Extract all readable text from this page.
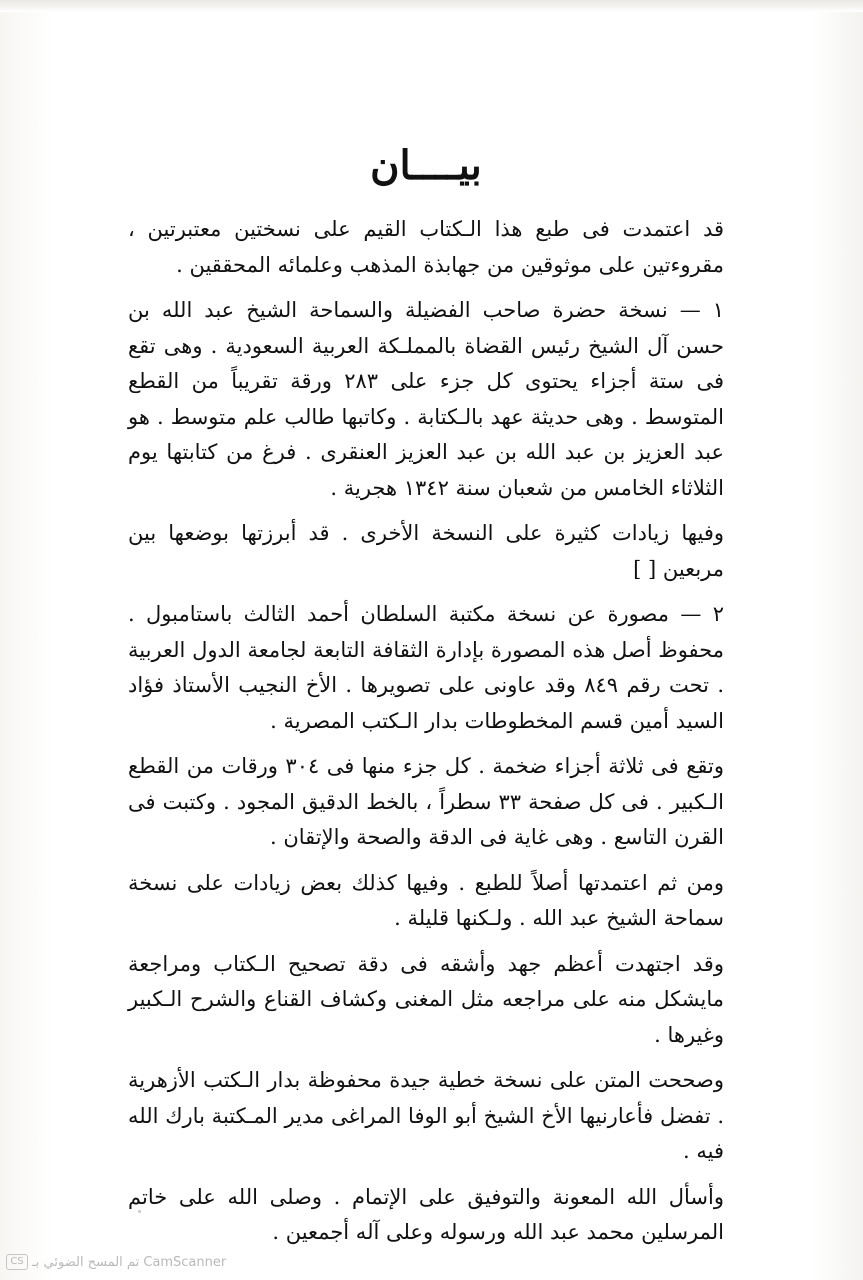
بيــــان

قد اعتمدت فى طبع هذا الـكتاب القيم على نسختين معتبرتين ، مقروءتين على موثوقين من جهابذة المذهب وعلمائه المحققين .

١ — نسخة حضرة صاحب الفضيلة والسماحة الشيخ عبد الله بن حسن آل الشيخ رئيس القضاة بالمملـكة العربية السعودية . وهى تقع فى ستة أجزاء يحتوى كل جزء على ٢٨٣ ورقة تقريباً من القطع المتوسط . وهى حديثة عهد بالـكتابة . وكاتبها طالب علم متوسط . هو عبد العزيز بن عبد الله بن عبد العزيز العنقرى . فرغ من كتابتها يوم الثلاثاء الخامس من شعبان سنة ١٣٤٢ هجرية .

وفيها زيادات كثيرة على النسخة الأخرى . قد أبرزتها بوضعها بين مربعين [ ]

٢ — مصورة عن نسخة مكتبة السلطان أحمد الثالث باستامبول . محفوظ أصل هذه المصورة بإدارة الثقافة التابعة لجامعة الدول العربية . تحت رقم ٨٤٩ وقد عاونى على تصويرها . الأخ النجيب الأستاذ فؤاد السيد أمين قسم المخطوطات بدار الـكتب المصرية .

وتقع فى ثلاثة أجزاء ضخمة . كل جزء منها فى ٣٠٤ ورقات من القطع الـكبير . فى كل صفحة ٣٣ سطراً ، بالخط الدقيق المجود . وكتبت فى القرن التاسع . وهى غاية فى الدقة والصحة والإتقان .

ومن ثم اعتمدتها أصلاً للطبع . وفيها كذلك بعض زيادات على نسخة سماحة الشيخ عبد الله . ولـكنها قليلة .

وقد اجتهدت أعظم جهد وأشقه فى دقة تصحيح الـكتاب ومراجعة مايشكل منه على مراجعه مثل المغنى وكشاف القناع والشرح الـكبير وغيرها .

وصححت المتن على نسخة خطية جيدة محفوظة بدار الـكتب الأزهرية . تفضل فأعارنيها الأخ الشيخ أبو الوفا المراغى مدير المـكتبة بارك الله فيه .

وأسأل الله المعونة والتوفيق على الإتمام . وصلى الله على خاتم المرسلين محمد عبد الله ورسوله وعلى آله أجمعين .

CS تم المسح الضوئي بـ CamScanner
